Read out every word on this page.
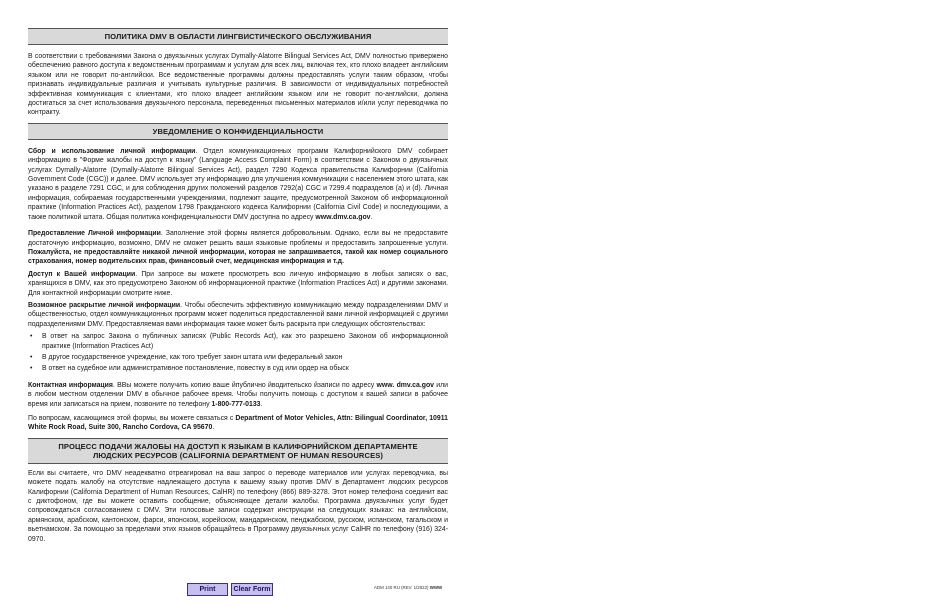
ПОЛИТИКА DMV В ОБЛАСТИ ЛИНГВИСТИЧЕСКОГО ОБСЛУЖИВАНИЯ

В соответствии с требованиями Закона о двуязычных услугах Dymally-Alatorre Bilingual Services Act, DMV полностью привержено обеспечению равного доступа к ведомственным программам и услугам для всех лиц, включая тех, кто плохо владеет английским языком или не говорит по-английски. Все ведомственные программы должны предоставлять услуги таким образом, чтобы признавать индивидуальные различия и учитывать культурные различия. В зависимости от индивидуальных потребностей эффективная коммуникация с клиентами, кто плохо владеет английским языком или не говорит по-английски, должна достигаться за счет использования двуязычного персонала, переведенных письменных материалов и/или услуг переводчика по контракту.

УВЕДОМЛЕНИЕ О КОНФИДЕНЦИАЛЬНОСТИ

Сбор и использование личной информации. Отдел коммуникационных программ Калифорнийского DMV собирает информацию в "Форме жалобы на доступ к языку" (Language Access Complaint Form) в соответствии с Законом о двуязычных услугах Dymally-Alatorre (Dymally-Alatorre Bilingual Services Act), раздел 7290 Кодекса правительства Калифорнии (California Government Code (CGC)) и далее. DMV использует эту информацию для улучшения коммуникации с населением этого штата, как указано в разделе 7291 CGC, и для соблюдения других положений разделов 7292(a) CGC и 7299.4 подразделов (a) и (d). Личная информация, собираемая государственными учреждениями, подлежит защите, предусмотренной Законом об информационной практике (Information Practices Act), разделом 1798 Гражданского кодекса Калифорнии (California Civil Code) и последующими, а также политикой штата. Общая политика конфиденциальности DMV доступна по адресу www.dmv.ca.gov.

Предоставление Личной информации. Заполнение этой формы является добровольным. Однако, если вы не предоставите достаточную информацию, возможно, DMV не сможет решить ваши языковые проблемы и предоставить запрошенные услуги. Пожалуйста, не предоставляйте никакой личной информации, которая не запрашивается, такой как номер социального страхования, номер водительских прав, финансовый счет, медицинская информация и т.д.

Доступ к Вашей информации. При запросе вы можете просмотреть всю личную информацию в любых записях о вас, хранящихся в DMV, как это предусмотрено Законом об информационной практике (Information Practices Act) и другими законами. Для контактной информации смотрите ниже.

Возможное раскрытие личной информации. Чтобы обеспечить эффективную коммуникацию между подразделениями DMV и общественностью, отдел коммуникационных программ может поделиться предоставленной вами личной информацией с другими подразделениями DMV. Предоставляемая вами информация также может быть раскрыта при следующих обстоятельствах:

• В ответ на запрос Закона о публичных записях (Public Records Act), как это разрешено Законом об информационной практике (Information Practices Act)
• В другое государственное учреждение, как того требует закон штата или федеральный закон
• В ответ на судебное или административное постановление, повестку в суд или ордер на обыск

Контактная информация. ВВы можете получить копию ваше йпублично йводительско йзаписи по адресу www. dmv.ca.gov или в любом местном отделении DMV в обычное рабочее время. Чтобы получить помощь с доступом к вашей записи в рабочее время или записаться на прием, позвоните по телефону 1-800-777-0133.

По вопросам, касающимся этой формы, вы можете связаться с Department of Motor Vehicles, Attn: Bilingual Coordinator, 10911 White Rock Road, Suite 300, Rancho Cordova, CA 95670.

ПРОЦЕСС ПОДАЧИ ЖАЛОБЫ НА ДОСТУП К ЯЗЫКАМ В КАЛИФОРНИЙСКОМ ДЕПАРТАМЕНТЕ
ЛЮДСКИХ РЕСУРСОВ (CALIFORNIA DEPARTMENT OF HUMAN RESOURCES)

Если вы считаете, что DMV неадекватно отреагировал на ваш запрос о переводе материалов или услугах переводчика, вы можете подать жалобу на отсутствие надлежащего доступа к вашему языку против DMV в Департамент людских ресурсов Калифорнии (California Department of Human Resources, CalHR) по телефону (866) 889-3278. Этот номер телефона соединит вас с диктофоном, где вы можете оставить сообщение, объясняющее детали жалобы. Программа двуязычных услуг будет сопровождаться согласованием с DMV. Эти голосовые записи содержат инструкции на следующих языках: на английском, армянском, арабском, кантонском, фарси, японском, корейском, мандаринском, пенджабском, русском, испанском, тагальском и вьетнамском. За помощью за пределами этих языков обращайтесь в Программу двуязычных услуг CalHR по телефону (916) 324-0970.

Print	Clear Form	ADM 140 RU (REV. 1/2022) WWW
